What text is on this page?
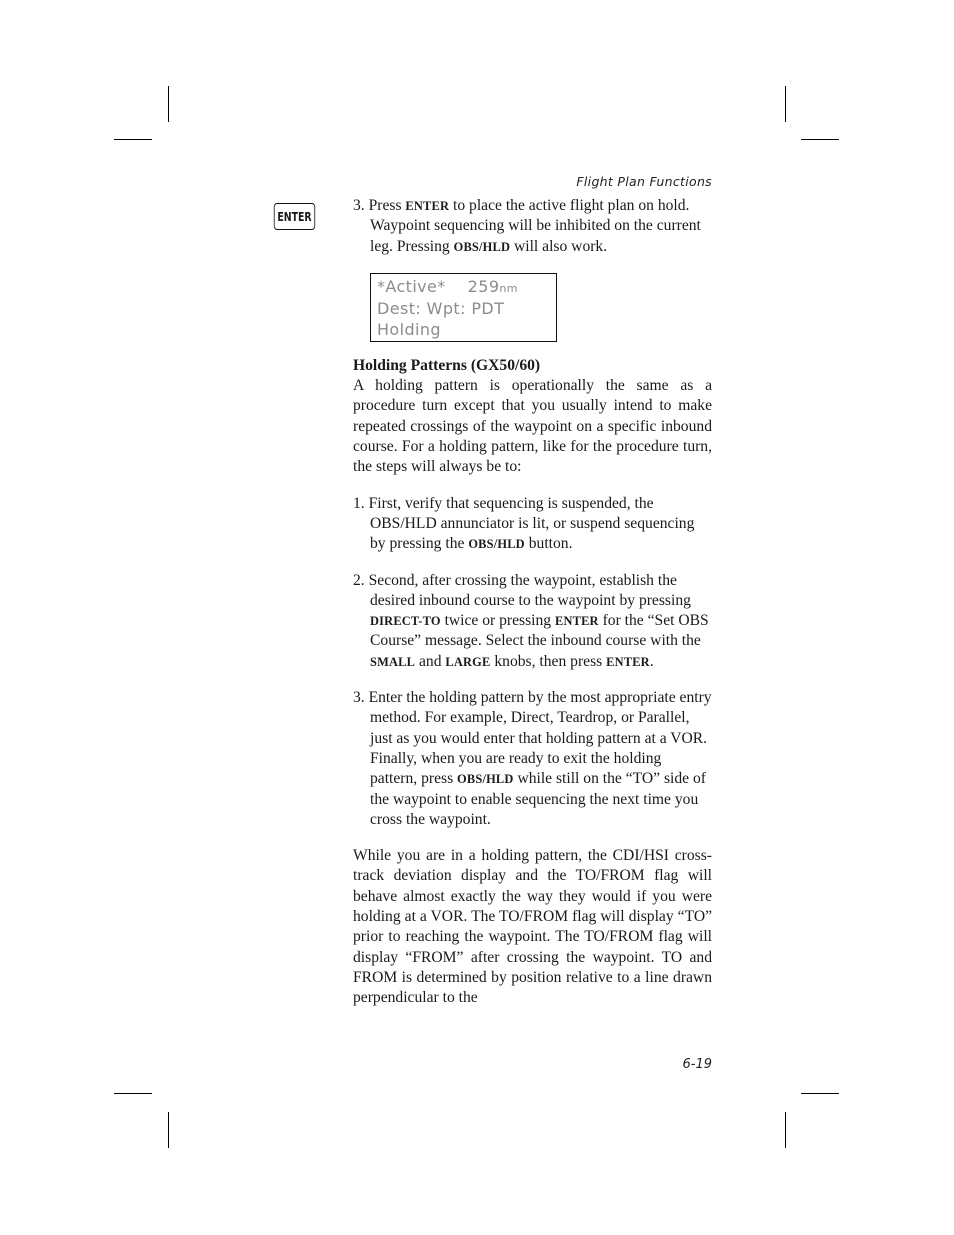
Flight Plan Functions
ENTER

3. Press ENTER to place the active flight plan on hold. Waypoint sequencing will be inhibited on the current leg. Pressing OBS/HLD will also work.

*Active* 259nm
Dest: Wpt: PDT
Holding

Holding Patterns (GX50/60)

A holding pattern is operationally the same as a procedure turn except that you usually intend to make repeated crossings of the waypoint on a specific inbound course. For a holding pattern, like for the procedure turn, the steps will always be to:

1. First, verify that sequencing is suspended, the OBS/HLD annunciator is lit, or suspend sequencing by pressing the OBS/HLD button.

2. Second, after crossing the waypoint, establish the desired inbound course to the waypoint by pressing DIRECT-TO twice or pressing ENTER for the “Set OBS Course” message. Select the inbound course with the SMALL and LARGE knobs, then press ENTER.

3. Enter the holding pattern by the most appropriate entry method. For example, Direct, Teardrop, or Parallel, just as you would enter that holding pattern at a VOR. Finally, when you are ready to exit the holding pattern, press OBS/HLD while still on the “TO” side of the waypoint to enable sequencing the next time you cross the waypoint.

While you are in a holding pattern, the CDI/HSI cross-track deviation display and the TO/FROM flag will behave almost exactly the way they would if you were holding at a VOR. The TO/FROM flag will display “TO” prior to reaching the waypoint. The TO/FROM flag will display “FROM” after crossing the waypoint. TO and FROM is determined by position relative to a line drawn perpendicular to the

6-19
